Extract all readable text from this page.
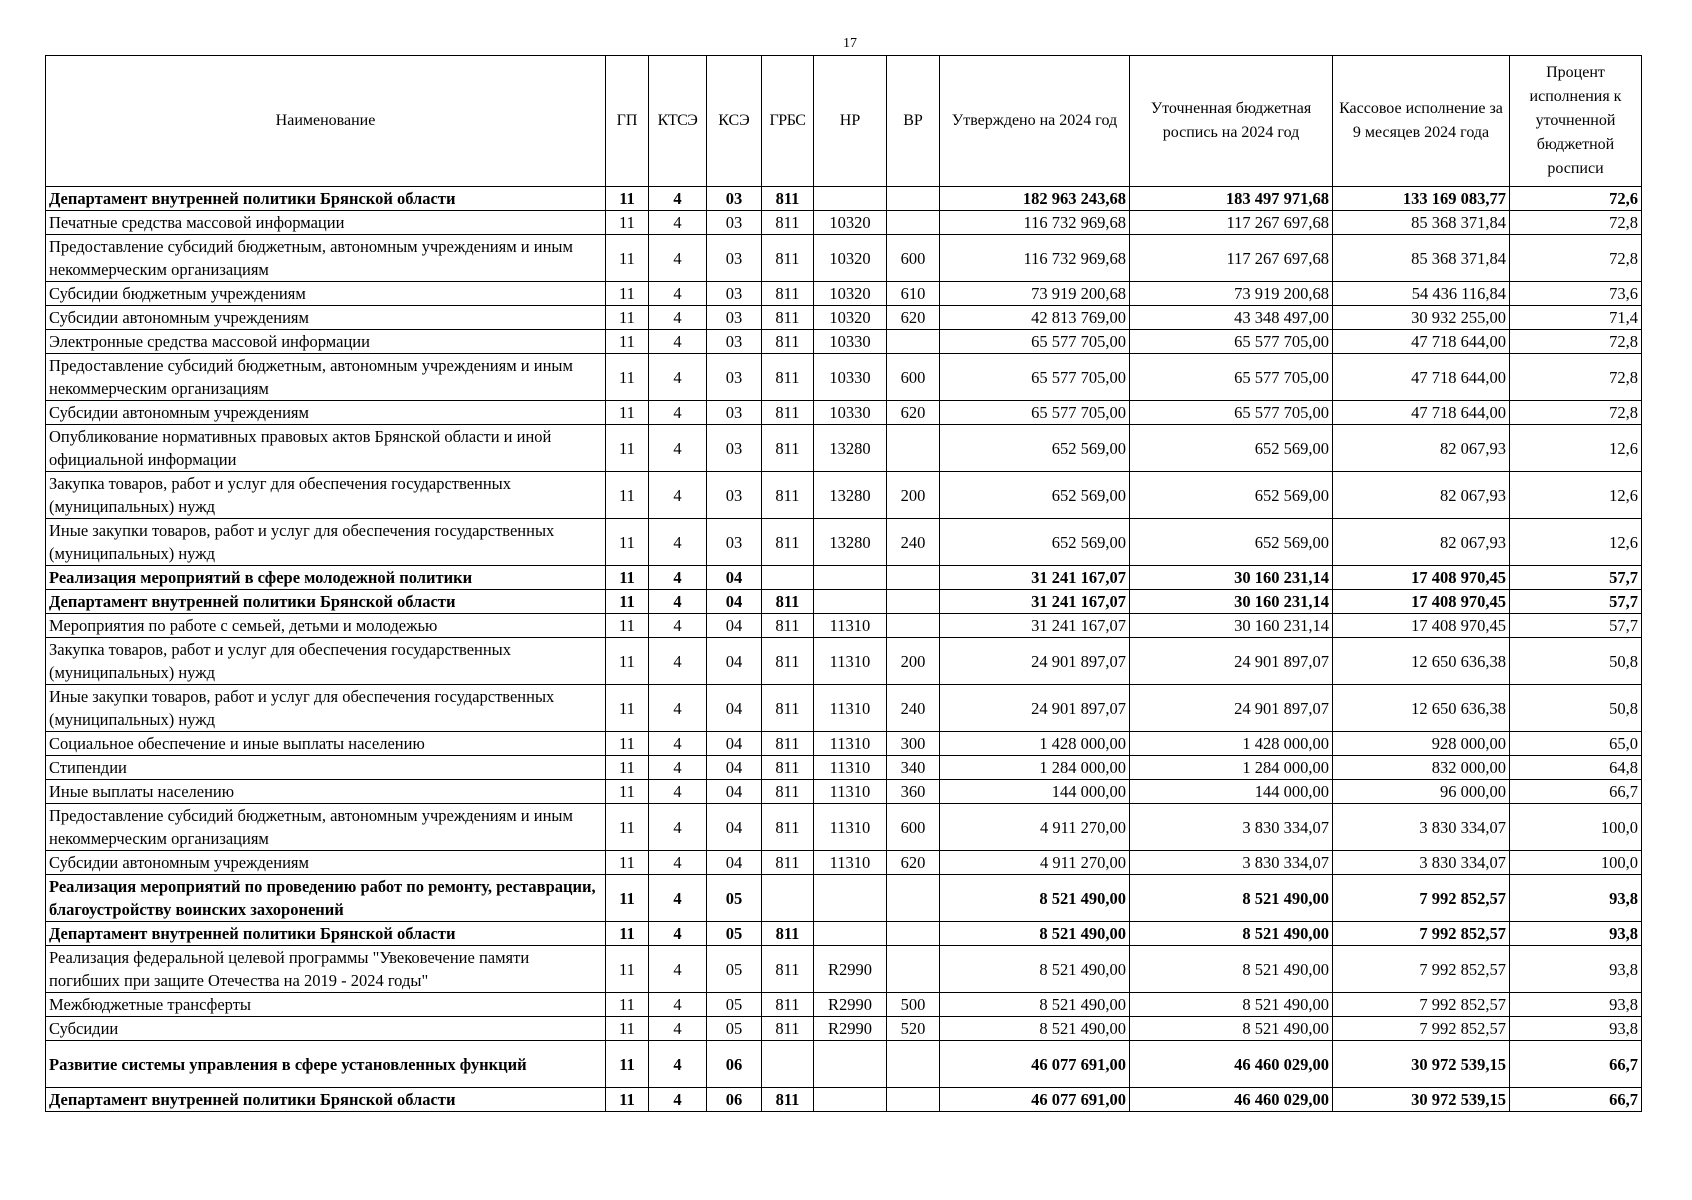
17
Наименование	ГП	КТСЭ	КСЭ	ГРБС	НР	ВР	Утверждено на 2024 год	Уточненная бюджетная роспись на 2024 год	Кассовое исполнение за 9 месяцев 2024 года	Процент исполнения к уточненной бюджетной росписи
Департамент внутренней политики Брянской области	11	4	03	811			182 963 243,68	183 497 971,68	133 169 083,77	72,6
Печатные средства массовой информации	11	4	03	811	10320		116 732 969,68	117 267 697,68	85 368 371,84	72,8
Предоставление субсидий бюджетным, автономным учреждениям и иным некоммерческим организациям	11	4	03	811	10320	600	116 732 969,68	117 267 697,68	85 368 371,84	72,8
Субсидии бюджетным учреждениям	11	4	03	811	10320	610	73 919 200,68	73 919 200,68	54 436 116,84	73,6
Субсидии автономным учреждениям	11	4	03	811	10320	620	42 813 769,00	43 348 497,00	30 932 255,00	71,4
Электронные средства массовой информации	11	4	03	811	10330		65 577 705,00	65 577 705,00	47 718 644,00	72,8
Предоставление субсидий бюджетным, автономным учреждениям и иным некоммерческим организациям	11	4	03	811	10330	600	65 577 705,00	65 577 705,00	47 718 644,00	72,8
Субсидии автономным учреждениям	11	4	03	811	10330	620	65 577 705,00	65 577 705,00	47 718 644,00	72,8
Опубликование нормативных правовых актов Брянской области и иной официальной информации	11	4	03	811	13280		652 569,00	652 569,00	82 067,93	12,6
Закупка товаров, работ и услуг для обеспечения государственных (муниципальных) нужд	11	4	03	811	13280	200	652 569,00	652 569,00	82 067,93	12,6
Иные закупки товаров, работ и услуг для обеспечения государственных (муниципальных) нужд	11	4	03	811	13280	240	652 569,00	652 569,00	82 067,93	12,6
Реализация мероприятий в сфере молодежной политики	11	4	04				31 241 167,07	30 160 231,14	17 408 970,45	57,7
Департамент внутренней политики Брянской области	11	4	04	811			31 241 167,07	30 160 231,14	17 408 970,45	57,7
Мероприятия по работе с семьей, детьми и молодежью	11	4	04	811	11310		31 241 167,07	30 160 231,14	17 408 970,45	57,7
Закупка товаров, работ и услуг для обеспечения государственных (муниципальных) нужд	11	4	04	811	11310	200	24 901 897,07	24 901 897,07	12 650 636,38	50,8
Иные закупки товаров, работ и услуг для обеспечения государственных (муниципальных) нужд	11	4	04	811	11310	240	24 901 897,07	24 901 897,07	12 650 636,38	50,8
Социальное обеспечение и иные выплаты населению	11	4	04	811	11310	300	1 428 000,00	1 428 000,00	928 000,00	65,0
Стипендии	11	4	04	811	11310	340	1 284 000,00	1 284 000,00	832 000,00	64,8
Иные выплаты населению	11	4	04	811	11310	360	144 000,00	144 000,00	96 000,00	66,7
Предоставление субсидий бюджетным, автономным учреждениям и иным некоммерческим организациям	11	4	04	811	11310	600	4 911 270,00	3 830 334,07	3 830 334,07	100,0
Субсидии автономным учреждениям	11	4	04	811	11310	620	4 911 270,00	3 830 334,07	3 830 334,07	100,0
Реализация мероприятий по проведению работ по ремонту, реставрации, благоустройству воинских захоронений	11	4	05				8 521 490,00	8 521 490,00	7 992 852,57	93,8
Департамент внутренней политики Брянской области	11	4	05	811			8 521 490,00	8 521 490,00	7 992 852,57	93,8
Реализация федеральной целевой программы "Увековечение памяти погибших при защите Отечества на 2019 - 2024 годы"	11	4	05	811	R2990		8 521 490,00	8 521 490,00	7 992 852,57	93,8
Межбюджетные трансферты	11	4	05	811	R2990	500	8 521 490,00	8 521 490,00	7 992 852,57	93,8
Субсидии	11	4	05	811	R2990	520	8 521 490,00	8 521 490,00	7 992 852,57	93,8
Развитие системы управления в сфере установленных функций	11	4	06				46 077 691,00	46 460 029,00	30 972 539,15	66,7
Департамент внутренней политики Брянской области	11	4	06	811			46 077 691,00	46 460 029,00	30 972 539,15	66,7
